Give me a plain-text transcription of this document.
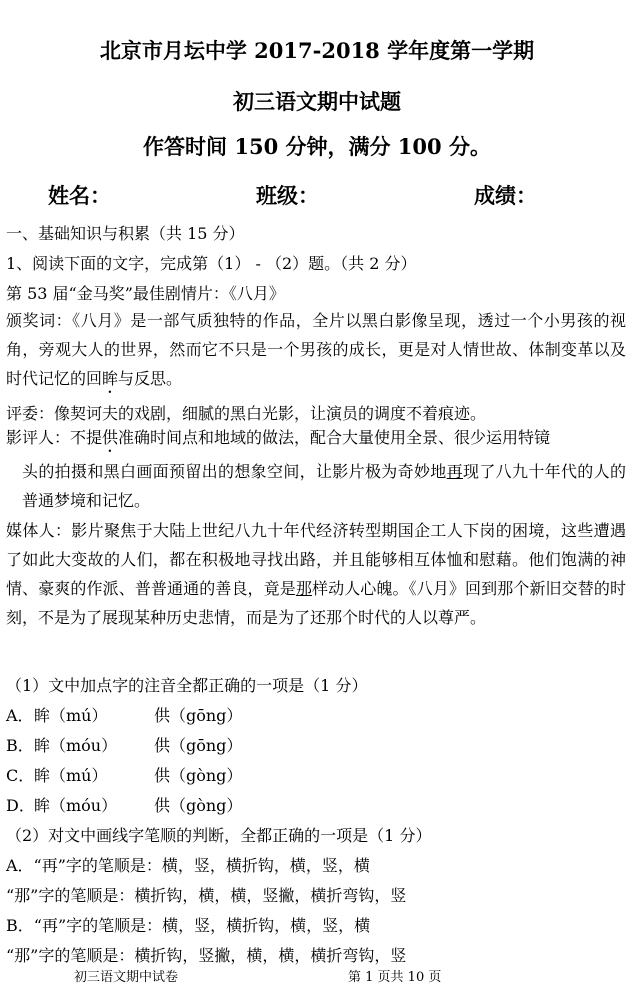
北京市月坛中学 2017-2018 学年度第一学期
初三语文期中试题
作答时间 150 分钟，满分 100 分。
姓名：	班级：	成绩：
一、基础知识与积累（共 15 分）
1、阅读下面的文字，完成第（1） - （2）题。（共 2 分）
第 53 届“金马奖”最佳剧情片：《八月》
颁奖词：《八月》是一部气质独特的作品，全片以黑白影像呈现，透过一个小男孩的视角，旁观大人的世界，然而它不只是一个男孩的成长，更是对人情世故、体制变革以及时代记忆的回眸与反思。
评委：像契诃夫的戏剧，细腻的黑白光影，让演员的调度不着痕迹。
影评人：不提供准确时间点和地域的做法，配合大量使用全景、很少运用特镜
头的拍摄和黑白画面预留出的想象空间，让影片极为奇妙地再现了八九十年代的人的普通梦境和记忆。
媒体人：影片聚焦于大陆上世纪八九十年代经济转型期国企工人下岗的困境，这些遭遇了如此大变故的人们，都在积极地寻找出路，并且能够相互体恤和慰藉。他们饱满的神情、豪爽的作派、普普通通的善良，竟是那样动人心魄。《八月》回到那个新旧交替的时刻，不是为了展现某种历史悲情，而是为了还那个时代的人以尊严。
（1）文中加点字的注音全都正确的一项是（1 分）
A． 眸（mú）	供（gōng）
B． 眸（móu） 供（gōng）
C． 眸（mú）	供（gòng）
D． 眸（móu） 供（gòng）
（2）对文中画线字笔顺的判断，全都正确的一项是（1 分）
A．“再”字的笔顺是：横，竖，横折钩，横，竖，横
“那”字的笔顺是：横折钩，横，横，竖撇，横折弯钩，竖
B．“再”字的笔顺是：横，竖，横折钩，横，竖，横
“那”字的笔顺是：横折钩，竖撇，横，横，横折弯钩，竖
初三语文期中试卷	第 1 页共 10 页
